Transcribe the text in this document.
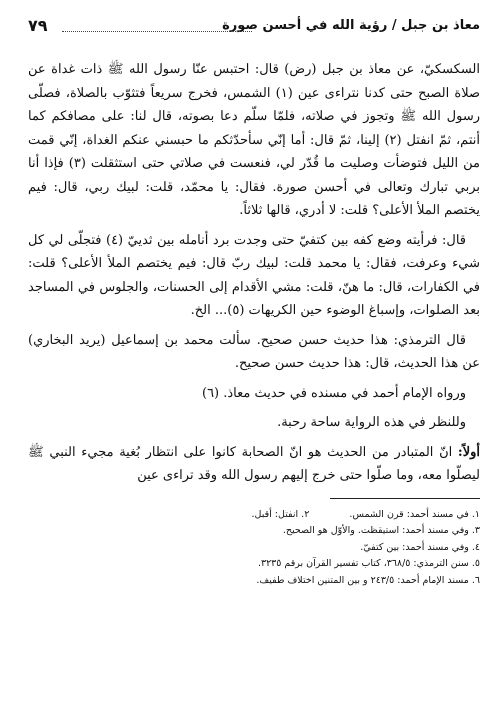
معاذ بن جبل / رؤية الله في أحسن صورة
٧٩

السكسكيّ، عن معاذ بن جبل (رض) قال: احتبس عنّا رسول الله ﷺ ذات غداة عن صلاة الصبح حتى كدنا نتراءى عين (١) الشمس، فخرج سريعاً فتثوّب بالصلاة، فصلّى رسول الله ﷺ وتجوز في صلاته، فلمّا سلّم دعا بصوته، قال لنا: على مصافكم كما أنتم، ثمّ انفتل (٢) إلينا، ثمّ قال: أما إنّي سأحدّثكم ما حبسني عنكم الغداة، إنّي قمت من الليل فتوضأت وصليت ما قُدّر لي، فنعست في صلاتي حتى استثقلت (٣) فإذا أنا بربي تبارك وتعالى في أحسن صورة. فقال: يا محمّد، قلت: لبيك ربي، قال: فيم يختصم الملأ الأعلى؟ قلت: لا أدري، قالها ثلاثاً.

قال: فرأيته وضع كفه بين كتفيّ حتى وجدت برد أنامله بين ثدييّ (٤) فتجلّى لي كل شيء وعرفت، فقال: يا محمد قلت: لبيك ربّ قال: فيم يختصم الملأ الأعلى؟ قلت: في الكفارات، قال: ما هنّ، قلت: مشي الأقدام إلى الحسنات، والجلوس في المساجد بعد الصلوات، وإسباغ الوضوء حين الكريهات (٥)... الخ.

قال الترمذي: هذا حديث حسن صحيح. سألت محمد بن إسماعيل (يريد البخاري) عن هذا الحديث، قال: هذا حديث حسن صحيح.

ورواه الإمام أحمد في مسنده في حديث معاذ. (٦)

وللنظر في هذه الرواية ساحة رحبة.

أولاً: انّ المتبادر من الحديث هو انّ الصحابة كانوا على انتظار بُغية مجيء النبي ﷺ ليصلّوا معه، وما صلّوا حتى خرج إليهم رسول الله وقد تراءى عين

١. في مسند أحمد: قرن الشمس.٢. انفتل: أقبل.
٣. وفي مسند أحمد: استيقظت. والأوّل هو الصحيح.
٤. وفي مسند أحمد: بين كتفيّ.
٥. سنن الترمذي: ٣٦٨/٥، كتاب تفسير القرآن برقم ٣٢٣٥.
٦. مسند الإمام أحمد: ٢٤٣/٥ و بين المتنين اختلاف طفيف.
